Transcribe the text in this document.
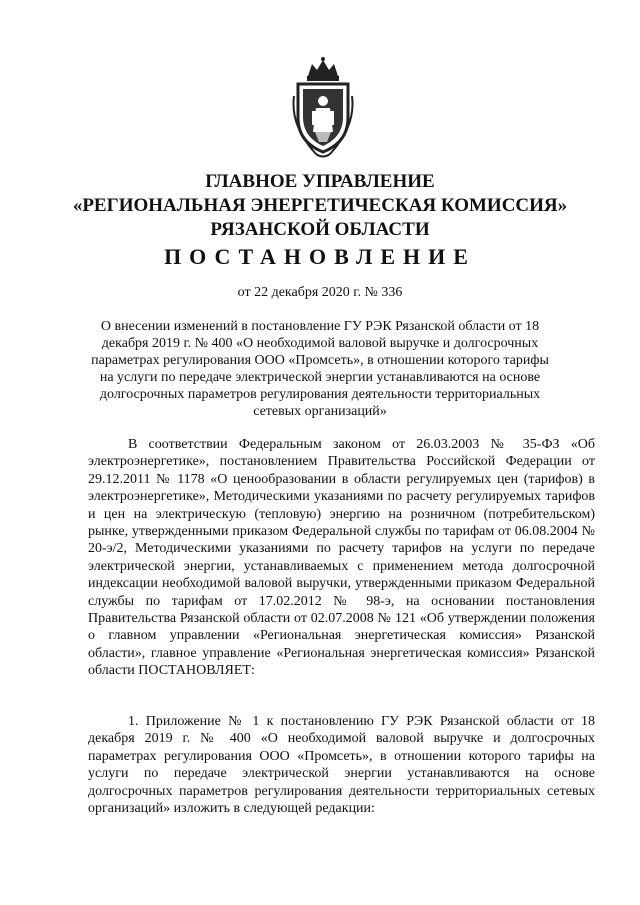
ГЛАВНОЕ УПРАВЛЕНИЕ

«РЕГИОНАЛЬНАЯ ЭНЕРГЕТИЧЕСКАЯ КОМИССИЯ»

РЯЗАНСКОЙ ОБЛАСТИ

ПОСТАНОВЛЕНИЕ

от 22 декабря 2020 г. № 336

О внесении изменений в постановление ГУ РЭК Рязанской области от 18 декабря 2019 г. № 400 «О необходимой валовой выручке и долгосрочных параметрах регулирования ООО «Промсеть», в отношении которого тарифы на услуги по передаче электрической энергии устанавливаются на основе долгосрочных параметров регулирования деятельности территориальных сетевых организаций»

В соответствии Федеральным законом от 26.03.2003 № 35-ФЗ «Об электроэнергетике», постановлением Правительства Российской Федерации от 29.12.2011 № 1178 «О ценообразовании в области регулируемых цен (тарифов) в электроэнергетике», Методическими указаниями по расчету регулируемых тарифов и цен на электрическую (тепловую) энергию на розничном (потребительском) рынке, утвержденными приказом Федеральной службы по тарифам от 06.08.2004 № 20-э/2, Методическими указаниями по расчету тарифов на услуги по передаче электрической энергии, устанавливаемых с применением метода долгосрочной индексации необходимой валовой выручки, утвержденными приказом Федеральной службы по тарифам от 17.02.2012 № 98-э, на основании постановления Правительства Рязанской области от 02.07.2008 № 121 «Об утверждении положения о главном управлении «Региональная энергетическая комиссия» Рязанской области», главное управление «Региональная энергетическая комиссия» Рязанской области ПОСТАНОВЛЯЕТ:

1. Приложение № 1 к постановлению ГУ РЭК Рязанской области от 18 декабря 2019 г. № 400 «О необходимой валовой выручке и долгосрочных параметрах регулирования ООО «Промсеть», в отношении которого тарифы на услуги по передаче электрической энергии устанавливаются на основе долгосрочных параметров регулирования деятельности территориальных сетевых организаций» изложить в следующей редакции:
